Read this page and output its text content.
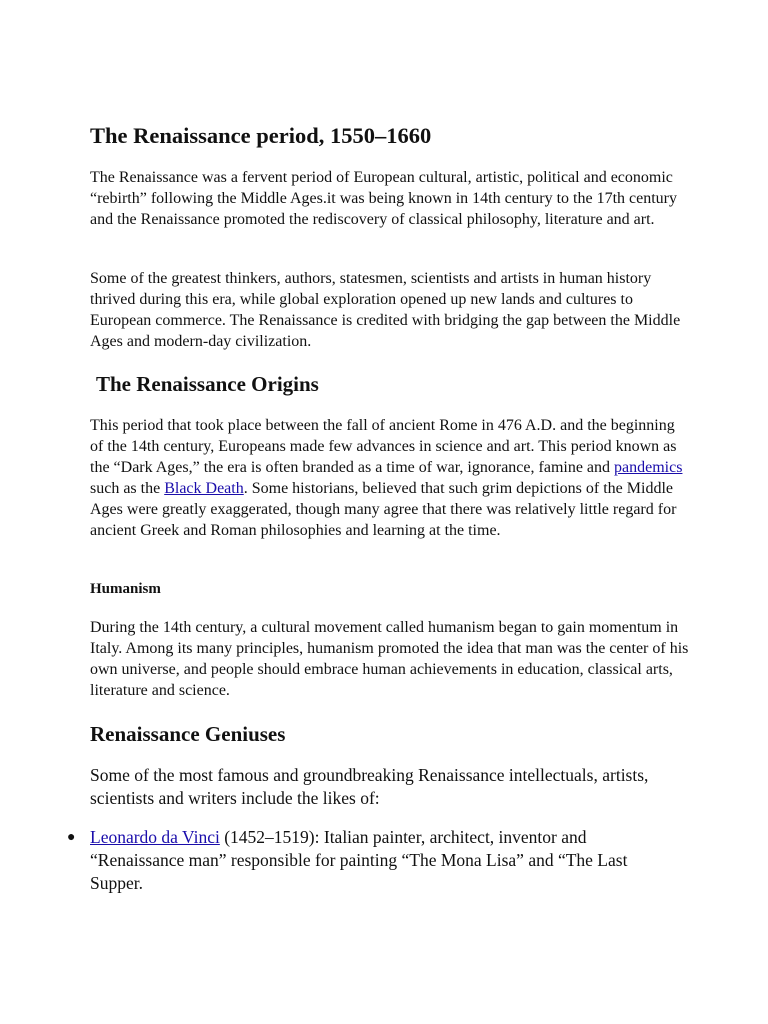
The Renaissance period, 1550–1660

The Renaissance was a fervent period of European cultural, artistic, political and economic “rebirth” following the Middle Ages.it was being known in 14th century to the 17th century and the Renaissance promoted the rediscovery of classical philosophy, literature and art.

Some of the greatest thinkers, authors, statesmen, scientists and artists in human history thrived during this era, while global exploration opened up new lands and cultures to European commerce. The Renaissance is credited with bridging the gap between the Middle Ages and modern-day civilization.

The Renaissance Origins

This period that took place between the fall of ancient Rome in 476 A.D. and the beginning of the 14th century, Europeans made few advances in science and art. This period known as the “Dark Ages,” the era is often branded as a time of war, ignorance, famine and pandemics such as the Black Death. Some historians, believed that such grim depictions of the Middle Ages were greatly exaggerated, though many agree that there was relatively little regard for ancient Greek and Roman philosophies and learning at the time.

Humanism

During the 14th century, a cultural movement called humanism began to gain momentum in Italy. Among its many principles, humanism promoted the idea that man was the center of his own universe, and people should embrace human achievements in education, classical arts, literature and science.

Renaissance Geniuses

Some of the most famous and groundbreaking Renaissance intellectuals, artists, scientists and writers include the likes of:

● Leonardo da Vinci (1452–1519): Italian painter, architect, inventor and “Renaissance man” responsible for painting “The Mona Lisa” and “The Last Supper.
